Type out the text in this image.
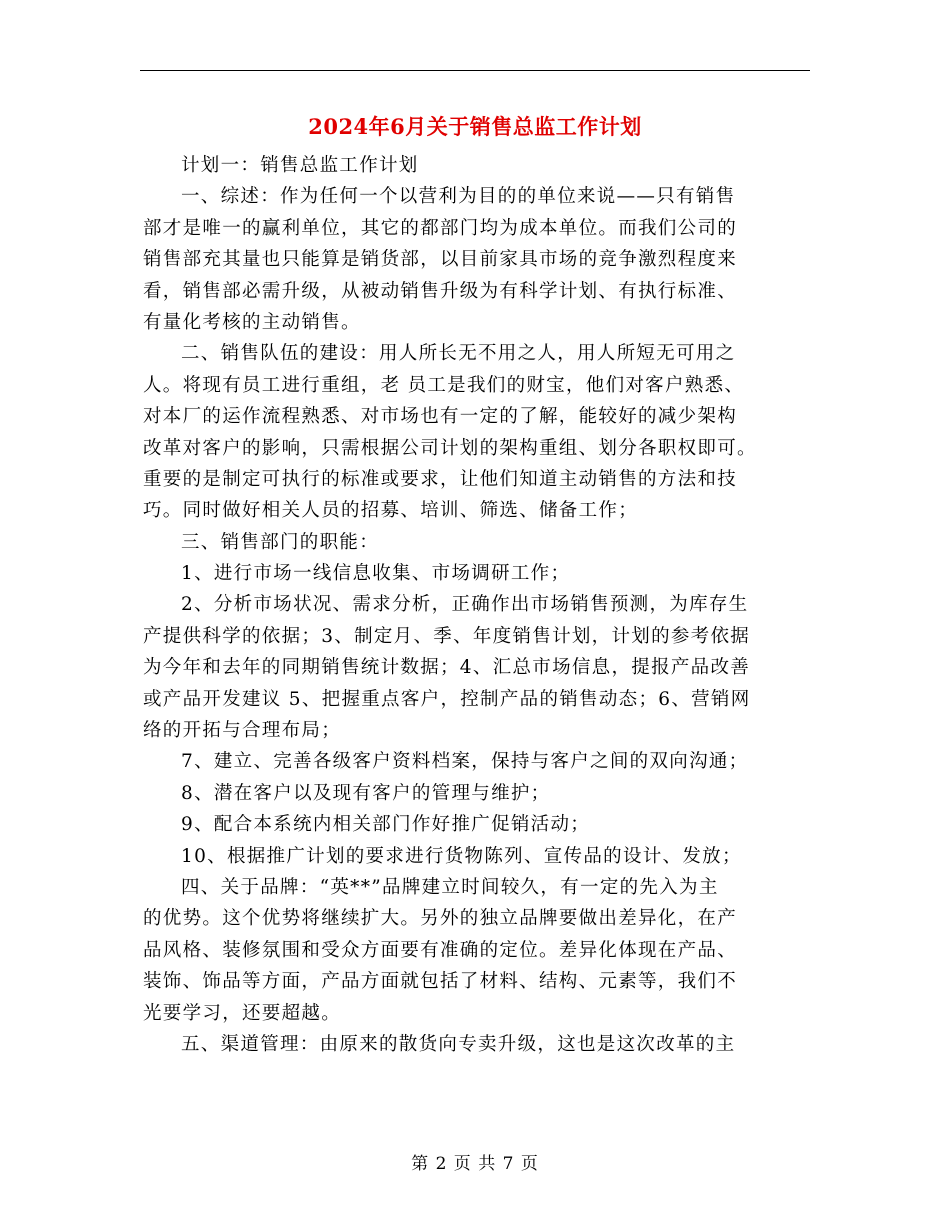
2024年6月关于销售总监工作计划
计划一：销售总监工作计划
一、综述：作为任何一个以营利为目的的单位来说——只有销售
部才是唯一的赢利单位，其它的都部门均为成本单位。而我们公司的
销售部充其量也只能算是销货部，以目前家具市场的竞争激烈程度来
看，销售部必需升级，从被动销售升级为有科学计划、有执行标准、
有量化考核的主动销售。
二、销售队伍的建设：用人所长无不用之人，用人所短无可用之
人。将现有员工进行重组，老 员工是我们的财宝，他们对客户熟悉、
对本厂的运作流程熟悉、对市场也有一定的了解，能较好的减少架构
改革对客户的影响，只需根据公司计划的架构重组、划分各职权即可。
重要的是制定可执行的标准或要求，让他们知道主动销售的方法和技
巧。同时做好相关人员的招募、培训、筛选、储备工作；
三、销售部门的职能：
1、进行市场一线信息收集、市场调研工作；
2、分析市场状况、需求分析，正确作出市场销售预测，为库存生
产提供科学的依据；3、制定月、季、年度销售计划，计划的参考依据
为今年和去年的同期销售统计数据；4、汇总市场信息，提报产品改善
或产品开发建议 5、把握重点客户，控制产品的销售动态；6、营销网
络的开拓与合理布局；
7、建立、完善各级客户资料档案，保持与客户之间的双向沟通；
8、潜在客户以及现有客户的管理与维护；
9、配合本系统内相关部门作好推广促销活动；
10、根据推广计划的要求进行货物陈列、宣传品的设计、发放；
四、关于品牌：“英**”品牌建立时间较久，有一定的先入为主
的优势。这个优势将继续扩大。另外的独立品牌要做出差异化，在产
品风格、装修氛围和受众方面要有准确的定位。差异化体现在产品、
装饰、饰品等方面，产品方面就包括了材料、结构、元素等，我们不
光要学习，还要超越。
五、渠道管理：由原来的散货向专卖升级，这也是这次改革的主
第 2 页 共 7 页
